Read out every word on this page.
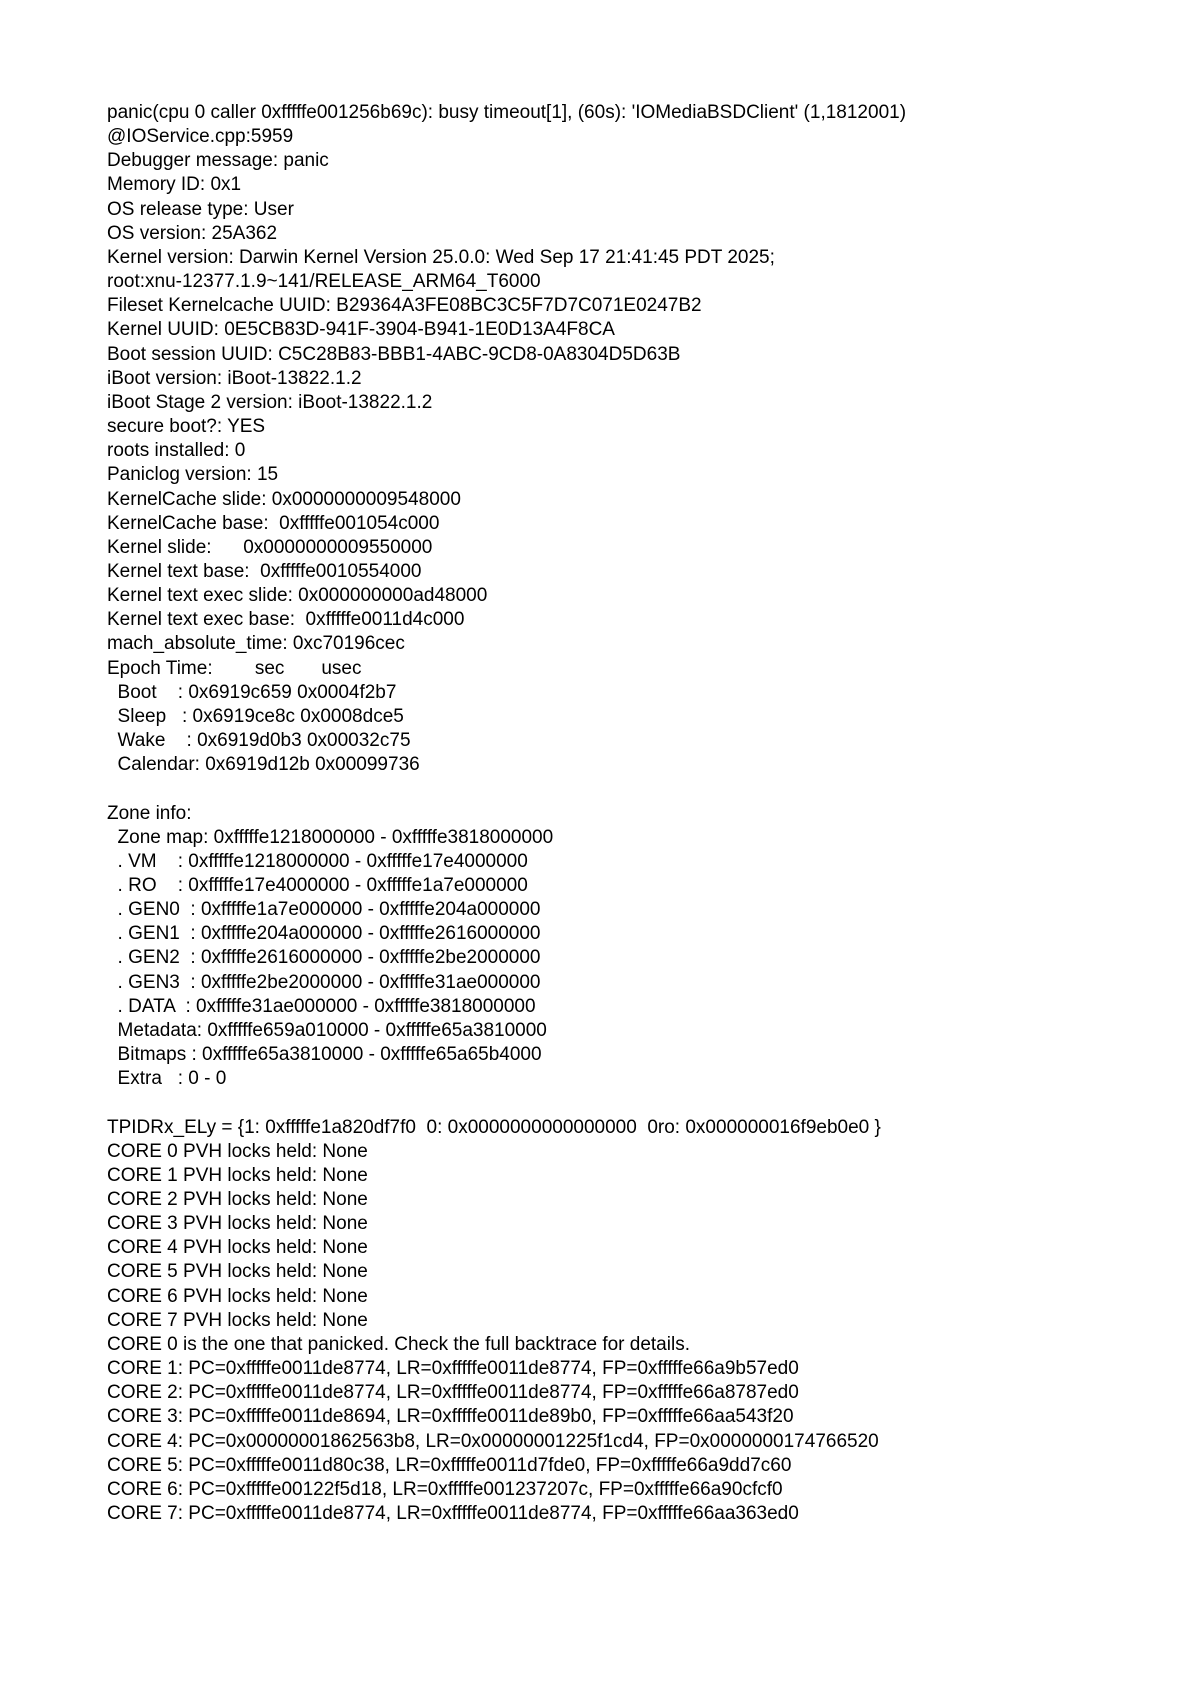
panic(cpu 0 caller 0xfffffe001256b69c): busy timeout[1], (60s): 'IOMediaBSDClient' (1,1812001)
@IOService.cpp:5959
Debugger message: panic
Memory ID: 0x1
OS release type: User
OS version: 25A362
Kernel version: Darwin Kernel Version 25.0.0: Wed Sep 17 21:41:45 PDT 2025;
root:xnu-12377.1.9~141/RELEASE_ARM64_T6000
Fileset Kernelcache UUID: B29364A3FE08BC3C5F7D7C071E0247B2
Kernel UUID: 0E5CB83D-941F-3904-B941-1E0D13A4F8CA
Boot session UUID: C5C28B83-BBB1-4ABC-9CD8-0A8304D5D63B
iBoot version: iBoot-13822.1.2
iBoot Stage 2 version: iBoot-13822.1.2
secure boot?: YES
roots installed: 0
Paniclog version: 15
KernelCache slide: 0x0000000009548000
KernelCache base:  0xfffffe001054c000
Kernel slide:      0x0000000009550000
Kernel text base:  0xfffffe0010554000
Kernel text exec slide: 0x000000000ad48000
Kernel text exec base:  0xfffffe0011d4c000
mach_absolute_time: 0xc70196cec
Epoch Time:        sec       usec
Boot    : 0x6919c659 0x0004f2b7
Sleep   : 0x6919ce8c 0x0008dce5
Wake    : 0x6919d0b3 0x00032c75
Calendar: 0x6919d12b 0x00099736
Zone info:
Zone map: 0xfffffe1218000000 - 0xfffffe3818000000
. VM    : 0xfffffe1218000000 - 0xfffffe17e4000000
. RO    : 0xfffffe17e4000000 - 0xfffffe1a7e000000
. GEN0  : 0xfffffe1a7e000000 - 0xfffffe204a000000
. GEN1  : 0xfffffe204a000000 - 0xfffffe2616000000
. GEN2  : 0xfffffe2616000000 - 0xfffffe2be2000000
. GEN3  : 0xfffffe2be2000000 - 0xfffffe31ae000000
. DATA  : 0xfffffe31ae000000 - 0xfffffe3818000000
Metadata: 0xfffffe659a010000 - 0xfffffe65a3810000
Bitmaps : 0xfffffe65a3810000 - 0xfffffe65a65b4000
Extra   : 0 - 0
TPIDRx_ELy = {1: 0xfffffe1a820df7f0  0: 0x0000000000000000  0ro: 0x000000016f9eb0e0 }
CORE 0 PVH locks held: None
CORE 1 PVH locks held: None
CORE 2 PVH locks held: None
CORE 3 PVH locks held: None
CORE 4 PVH locks held: None
CORE 5 PVH locks held: None
CORE 6 PVH locks held: None
CORE 7 PVH locks held: None
CORE 0 is the one that panicked. Check the full backtrace for details.
CORE 1: PC=0xfffffe0011de8774, LR=0xfffffe0011de8774, FP=0xfffffe66a9b57ed0
CORE 2: PC=0xfffffe0011de8774, LR=0xfffffe0011de8774, FP=0xfffffe66a8787ed0
CORE 3: PC=0xfffffe0011de8694, LR=0xfffffe0011de89b0, FP=0xfffffe66aa543f20
CORE 4: PC=0x00000001862563b8, LR=0x00000001225f1cd4, FP=0x0000000174766520
CORE 5: PC=0xfffffe0011d80c38, LR=0xfffffe0011d7fde0, FP=0xfffffe66a9dd7c60
CORE 6: PC=0xfffffe00122f5d18, LR=0xfffffe001237207c, FP=0xfffffe66a90cfcf0
CORE 7: PC=0xfffffe0011de8774, LR=0xfffffe0011de8774, FP=0xfffffe66aa363ed0
